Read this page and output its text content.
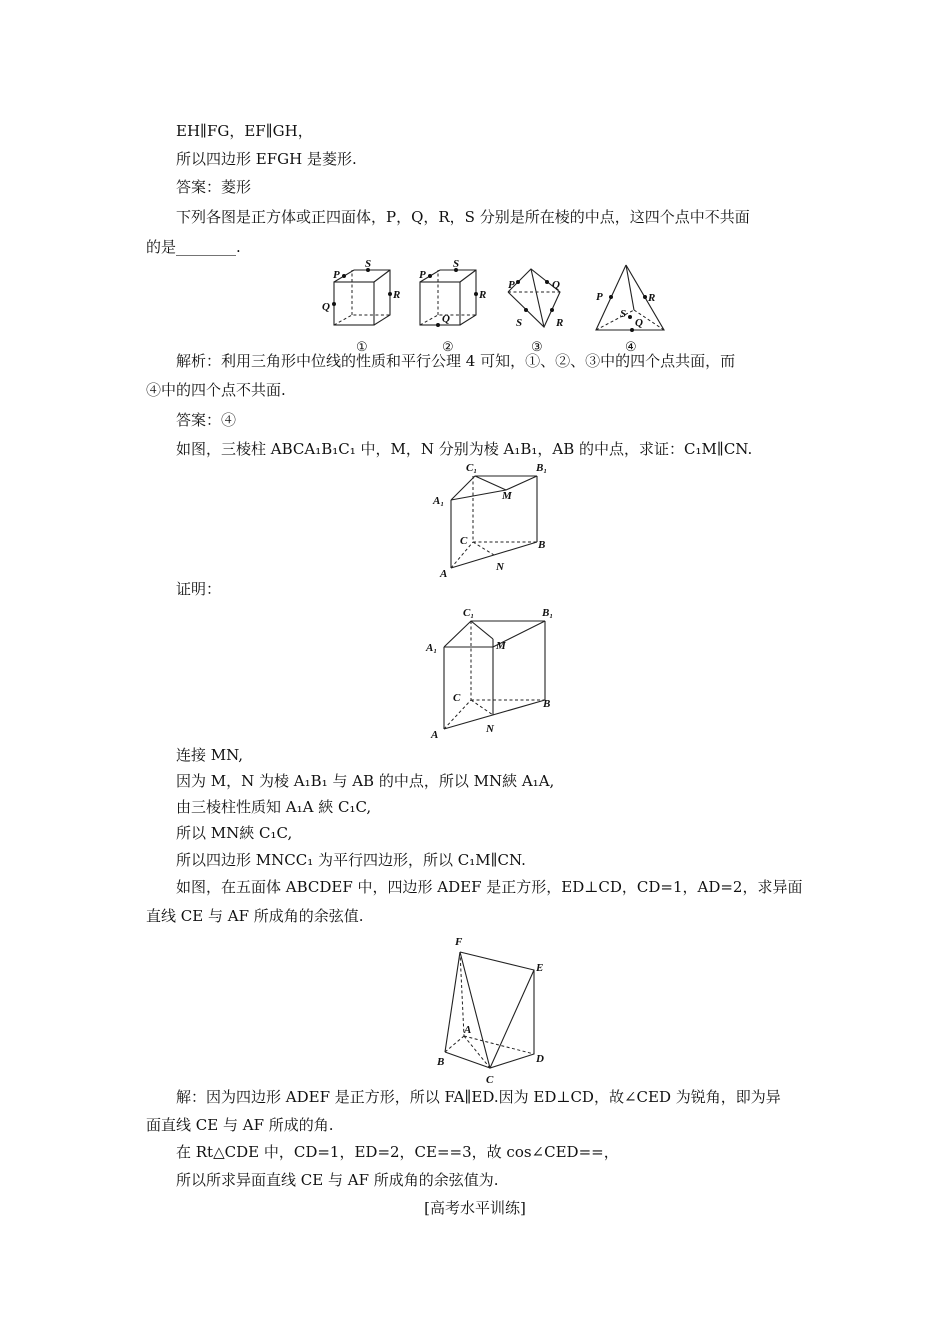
EH∥FG，EF∥GH，
所以四边形 EFGH 是菱形.
答案：菱形
下列各图是正方体或正四面体，P，Q，R，S 分别是所在棱的中点，这四个点中不共面
的是________.
P
S
Q
R
①
P
S
R
Q
②
P	Q
S	R
③
P	R
S
Q
④
解析：利用三角形中位线的性质和平行公理 4 可知，①、②、③中的四个点共面，而
④中的四个点不共面.
答案：④
如图，三棱柱 ABCA₁B₁C₁ 中，M，N 分别为棱 A₁B₁，AB 的中点，求证：C₁M∥CN.
C₁	B₁
A₁	M
C	B
A
N
证明：
C₁	B₁
A₁	M
C	B
A	N
连接 MN,
因为 M，N 为棱 A₁B₁ 与 AB 的中点，所以 MN綊 A₁A,
由三棱柱性质知 A₁A 綊 C₁C,
所以 MN綊 C₁C,
所以四边形 MNCC₁ 为平行四边形，所以 C₁M∥CN.
如图，在五面体 ABCDEF 中，四边形 ADEF 是正方形，ED⊥CD，CD=1，AD=2，求异面
直线 CE 与 AF 所成角的余弦值.
F
E
A
B	D
C
解：因为四边形 ADEF 是正方形，所以 FA∥ED.因为 ED⊥CD，故∠CED 为锐角，即为异
面直线 CE 与 AF 所成的角.
在 Rt△CDE 中，CD=1，ED=2，CE==3，故 cos∠CED==，
所以所求异面直线 CE 与 AF 所成角的余弦值为.
[高考水平训练]
